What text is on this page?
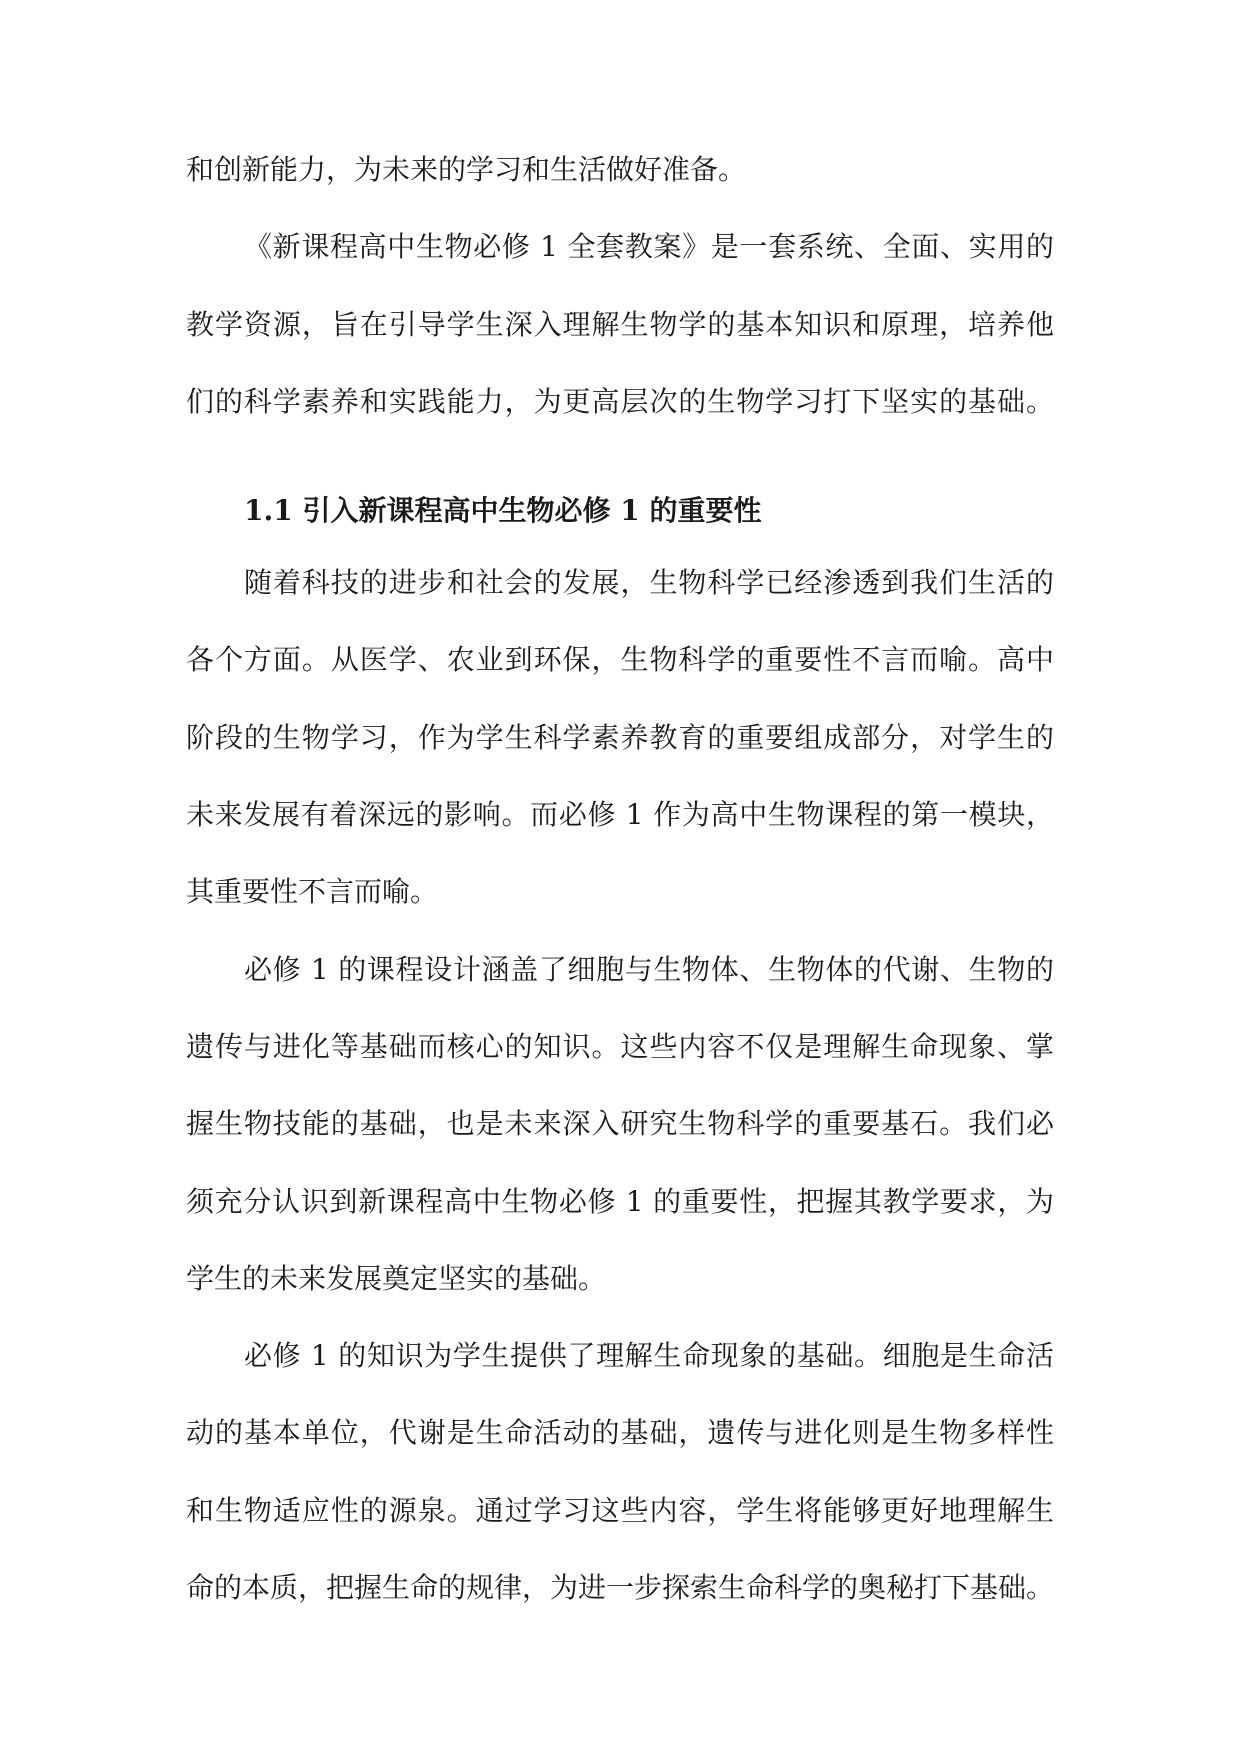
和创新能力，为未来的学习和生活做好准备。
《新课程高中生物必修 1 全套教案》是一套系统、全面、实用的
教学资源，旨在引导学生深入理解生物学的基本知识和原理，培养他
们的科学素养和实践能力，为更高层次的生物学习打下坚实的基础。
1.1 引入新课程高中生物必修 1 的重要性
随着科技的进步和社会的发展，生物科学已经渗透到我们生活的
各个方面。从医学、农业到环保，生物科学的重要性不言而喻。高中
阶段的生物学习，作为学生科学素养教育的重要组成部分，对学生的
未来发展有着深远的影响。而必修 1 作为高中生物课程的第一模块，
其重要性不言而喻。
必修 1 的课程设计涵盖了细胞与生物体、生物体的代谢、生物的
遗传与进化等基础而核心的知识。这些内容不仅是理解生命现象、掌
握生物技能的基础，也是未来深入研究生物科学的重要基石。我们必
须充分认识到新课程高中生物必修 1 的重要性，把握其教学要求，为
学生的未来发展奠定坚实的基础。
必修 1 的知识为学生提供了理解生命现象的基础。细胞是生命活
动的基本单位，代谢是生命活动的基础，遗传与进化则是生物多样性
和生物适应性的源泉。通过学习这些内容，学生将能够更好地理解生
命的本质，把握生命的规律，为进一步探索生命科学的奥秘打下基础。
